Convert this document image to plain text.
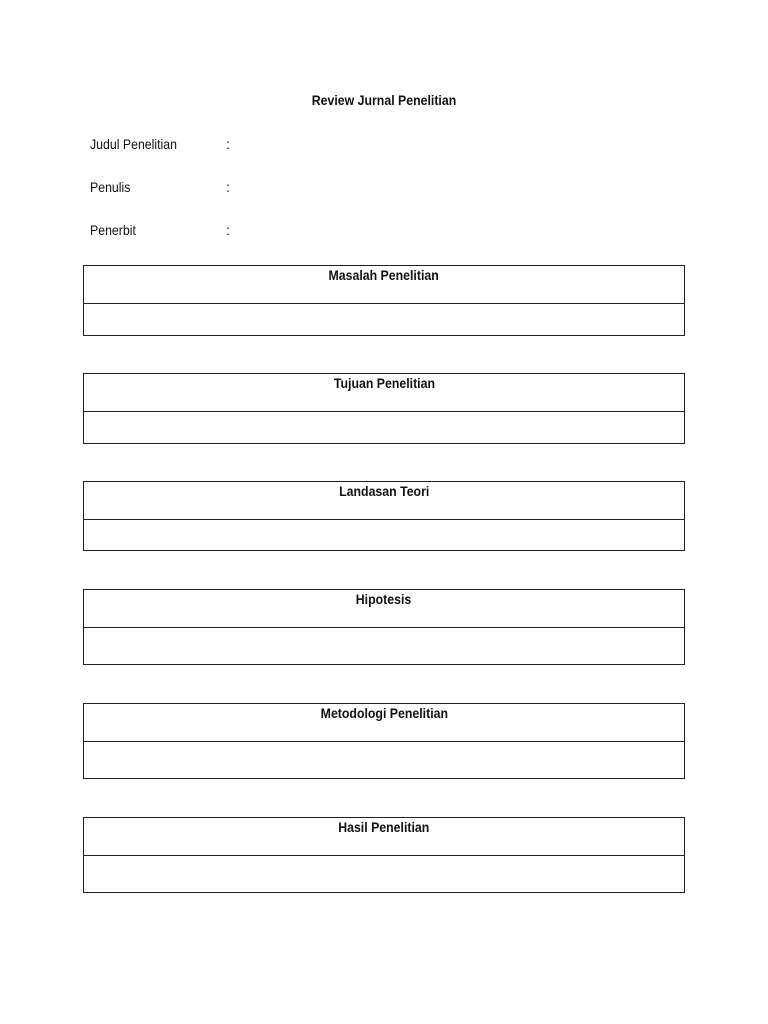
Review Jurnal Penelitian
Judul Penelitian	:
Penulis	:
Penerbit	:
Masalah Penelitian
Tujuan Penelitian
Landasan Teori
Hipotesis
Metodologi Penelitian
Hasil Penelitian
